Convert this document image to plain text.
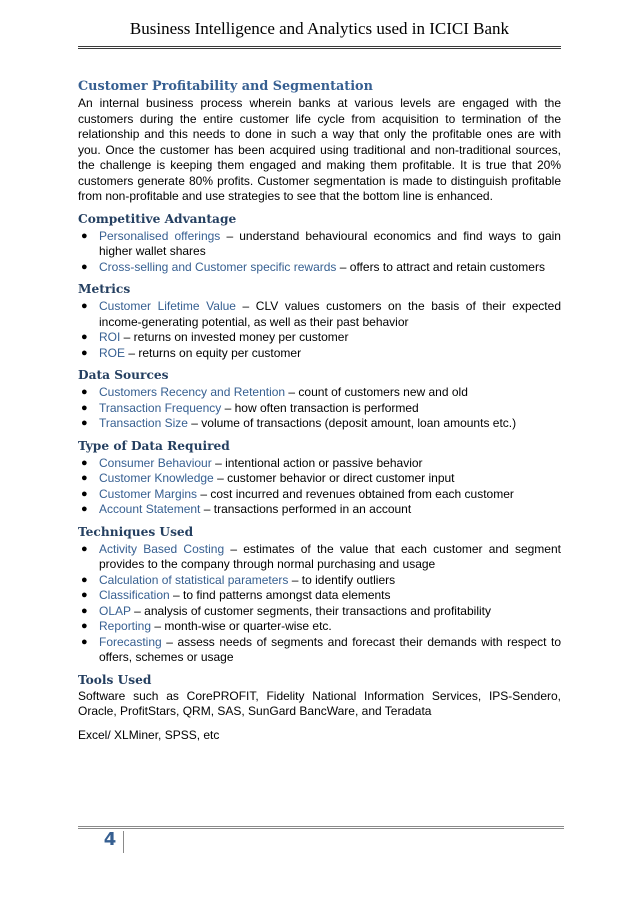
Business Intelligence and Analytics used in ICICI Bank
Customer Profitability and Segmentation

An internal business process wherein banks at various levels are engaged with the customers during the entire customer life cycle from acquisition to termination of the relationship and this needs to done in such a way that only the profitable ones are with you. Once the customer has been acquired using traditional and non-traditional sources, the challenge is keeping them engaged and making them profitable. It is true that 20% customers generate 80% profits. Customer segmentation is made to distinguish profitable from non-profitable and use strategies to see that the bottom line is enhanced.

Competitive Advantage
● Personalised offerings – understand behavioural economics and find ways to gain higher wallet shares
● Cross-selling and Customer specific rewards – offers to attract and retain customers
Metrics
● Customer Lifetime Value – CLV values customers on the basis of their expected income-generating potential, as well as their past behavior
● ROI – returns on invested money per customer
● ROE – returns on equity per customer
Data Sources
● Customers Recency and Retention – count of customers new and old
● Transaction Frequency – how often transaction is performed
● Transaction Size – volume of transactions (deposit amount, loan amounts etc.)
Type of Data Required
● Consumer Behaviour – intentional action or passive behavior
● Customer Knowledge – customer behavior or direct customer input
● Customer Margins – cost incurred and revenues obtained from each customer
● Account Statement – transactions performed in an account
Techniques Used
● Activity Based Costing – estimates of the value that each customer and segment provides to the company through normal purchasing and usage
● Calculation of statistical parameters – to identify outliers
● Classification – to find patterns amongst data elements
● OLAP – analysis of customer segments, their transactions and profitability
● Reporting – month-wise or quarter-wise etc.
● Forecasting – assess needs of segments and forecast their demands with respect to offers, schemes or usage
Tools Used

Software such as CorePROFIT, Fidelity National Information Services, IPS-Sendero, Oracle, ProfitStars, QRM, SAS, SunGard BancWare, and Teradata

Excel/ XLMiner, SPSS, etc

4
